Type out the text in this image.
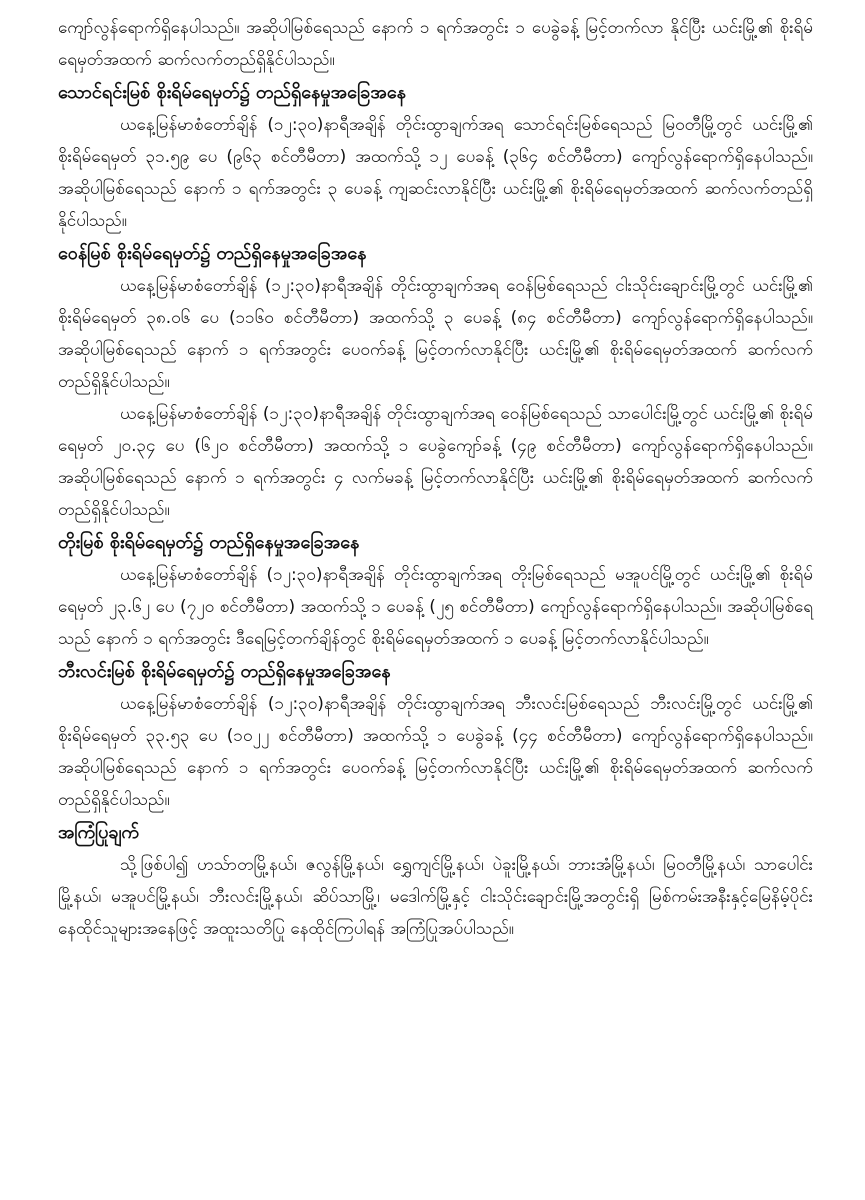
ကျော်လွန်ရောက်ရှိနေပါသည်။ အဆိုပါမြစ်ရေသည် နောက် ၁ ရက်အတွင်း ၁ ပေခွဲခန့် မြင့်တက်လာ နိုင်ပြီး ယင်းမြို့၏ စိုးရိမ်ရေမှတ်အထက် ဆက်လက်တည်ရှိနိုင်ပါသည်။

သောင်ရင်းမြစ် စိုးရိမ်ရေမှတ်၌ တည်ရှိနေမှုအခြေအနေ

ယနေ့မြန်မာစံတော်ချိန် (၁၂:၃၀)နာရီအချိန် တိုင်းထွာချက်အရ သောင်ရင်းမြစ်ရေသည် မြဝတီမြို့တွင် ယင်းမြို့၏ စိုးရိမ်ရေမှတ် ၃၁.၅၉ ပေ (၉၆၃ စင်တီမီတာ) အထက်သို့ ၁၂ ပေခန့် (၃၆၄ စင်တီမီတာ) ကျော်လွန်ရောက်ရှိနေပါသည်။ အဆိုပါမြစ်ရေသည် နောက် ၁ ရက်အတွင်း ၃ ပေခန့် ကျဆင်းလာနိုင်ပြီး ယင်းမြို့၏ စိုးရိမ်ရေမှတ်အထက် ဆက်လက်တည်ရှိနိုင်ပါသည်။

ဝေန်မြစ် စိုးရိမ်ရေမှတ်၌ တည်ရှိနေမှုအခြေအနေ

ယနေ့မြန်မာစံတော်ချိန် (၁၂:၃၀)နာရီအချိန် တိုင်းထွာချက်အရ ဝေန်မြစ်ရေသည် ငါးသိုင်းချောင်းမြို့တွင် ယင်းမြို့၏ စိုးရိမ်ရေမှတ် ၃၈.၀၆ ပေ (၁၁၆၀ စင်တီမီတာ) အထက်သို့ ၃ ပေခန့် (၈၄ စင်တီမီတာ) ကျော်လွန်ရောက်ရှိနေပါသည်။ အဆိုပါမြစ်ရေသည် နောက် ၁ ရက်အတွင်း ပေဝက်ခန့် မြင့်တက်လာနိုင်ပြီး ယင်းမြို့၏ စိုးရိမ်ရေမှတ်အထက် ဆက်လက်တည်ရှိနိုင်ပါသည်။

ယနေ့မြန်မာစံတော်ချိန် (၁၂:၃၀)နာရီအချိန် တိုင်းထွာချက်အရ ဝေန်မြစ်ရေသည် သာပေါင်းမြို့တွင် ယင်းမြို့၏ စိုးရိမ်ရေမှတ် ၂၀.၃၄ ပေ (၆၂၀ စင်တီမီတာ) အထက်သို့ ၁ ပေခွဲကျော်ခန့် (၄၉ စင်တီမီတာ) ကျော်လွန်ရောက်ရှိနေပါသည်။ အဆိုပါမြစ်ရေသည် နောက် ၁ ရက်အတွင်း ၄ လက်မခန့် မြင့်တက်လာနိုင်ပြီး ယင်းမြို့၏ စိုးရိမ်ရေမှတ်အထက် ဆက်လက်တည်ရှိနိုင်ပါသည်။

တိုးမြစ် စိုးရိမ်ရေမှတ်၌ တည်ရှိနေမှုအခြေအနေ

ယနေ့မြန်မာစံတော်ချိန် (၁၂:၃၀)နာရီအချိန် တိုင်းထွာချက်အရ တိုးမြစ်ရေသည် မအူပင်မြို့တွင် ယင်းမြို့၏ စိုးရိမ်ရေမှတ် ၂၃.၆၂ ပေ (၇၂၀ စင်တီမီတာ) အထက်သို့ ၁ ပေခန့် (၂၅ စင်တီမီတာ) ကျော်လွန်ရောက်ရှိနေပါသည်။ အဆိုပါမြစ်ရေသည် နောက် ၁ ရက်အတွင်း ဒီရေမြင့်တက်ချိန်တွင် စိုးရိမ်ရေမှတ်အထက် ၁ ပေခန့် မြင့်တက်လာနိုင်ပါသည်။

ဘီးလင်းမြစ် စိုးရိမ်ရေမှတ်၌ တည်ရှိနေမှုအခြေအနေ

ယနေ့မြန်မာစံတော်ချိန် (၁၂:၃၀)နာရီအချိန် တိုင်းထွာချက်အရ ဘီးလင်းမြစ်ရေသည် ဘီးလင်းမြို့တွင် ယင်းမြို့၏ စိုးရိမ်ရေမှတ် ၃၃.၅၃ ပေ (၁၀၂၂ စင်တီမီတာ) အထက်သို့ ၁ ပေခွဲခန့် (၄၄ စင်တီမီတာ) ကျော်လွန်ရောက်ရှိနေပါသည်။ အဆိုပါမြစ်ရေသည် နောက် ၁ ရက်အတွင်း ပေဝက်ခန့် မြင့်တက်လာနိုင်ပြီး ယင်းမြို့၏ စိုးရိမ်ရေမှတ်အထက် ဆက်လက်တည်ရှိနိုင်ပါသည်။

အကြံပြုချက်

သို့ဖြစ်ပါ၍ ဟသ်ာတမြို့နယ်၊ ဇလွန်မြို့နယ်၊ ရွှေကျင်မြို့နယ်၊ ပဲခူးမြို့နယ်၊ ဘားအံမြို့နယ်၊ မြဝတီမြို့နယ်၊ သာပေါင်းမြို့နယ်၊ မအူပင်မြို့နယ်၊ ဘီးလင်းမြို့နယ်၊ ဆိပ်သာမြို့၊ မဒေါက်မြို့နှင့် ငါးသိုင်းချောင်းမြို့အတွင်းရှိ မြစ်ကမ်းအနီးနှင့်မြေနိမ့်ပိုင်း နေထိုင်သူများအနေဖြင့် အထူးသတိပြု နေထိုင်ကြပါရန် အကြံပြုအပ်ပါသည်။
